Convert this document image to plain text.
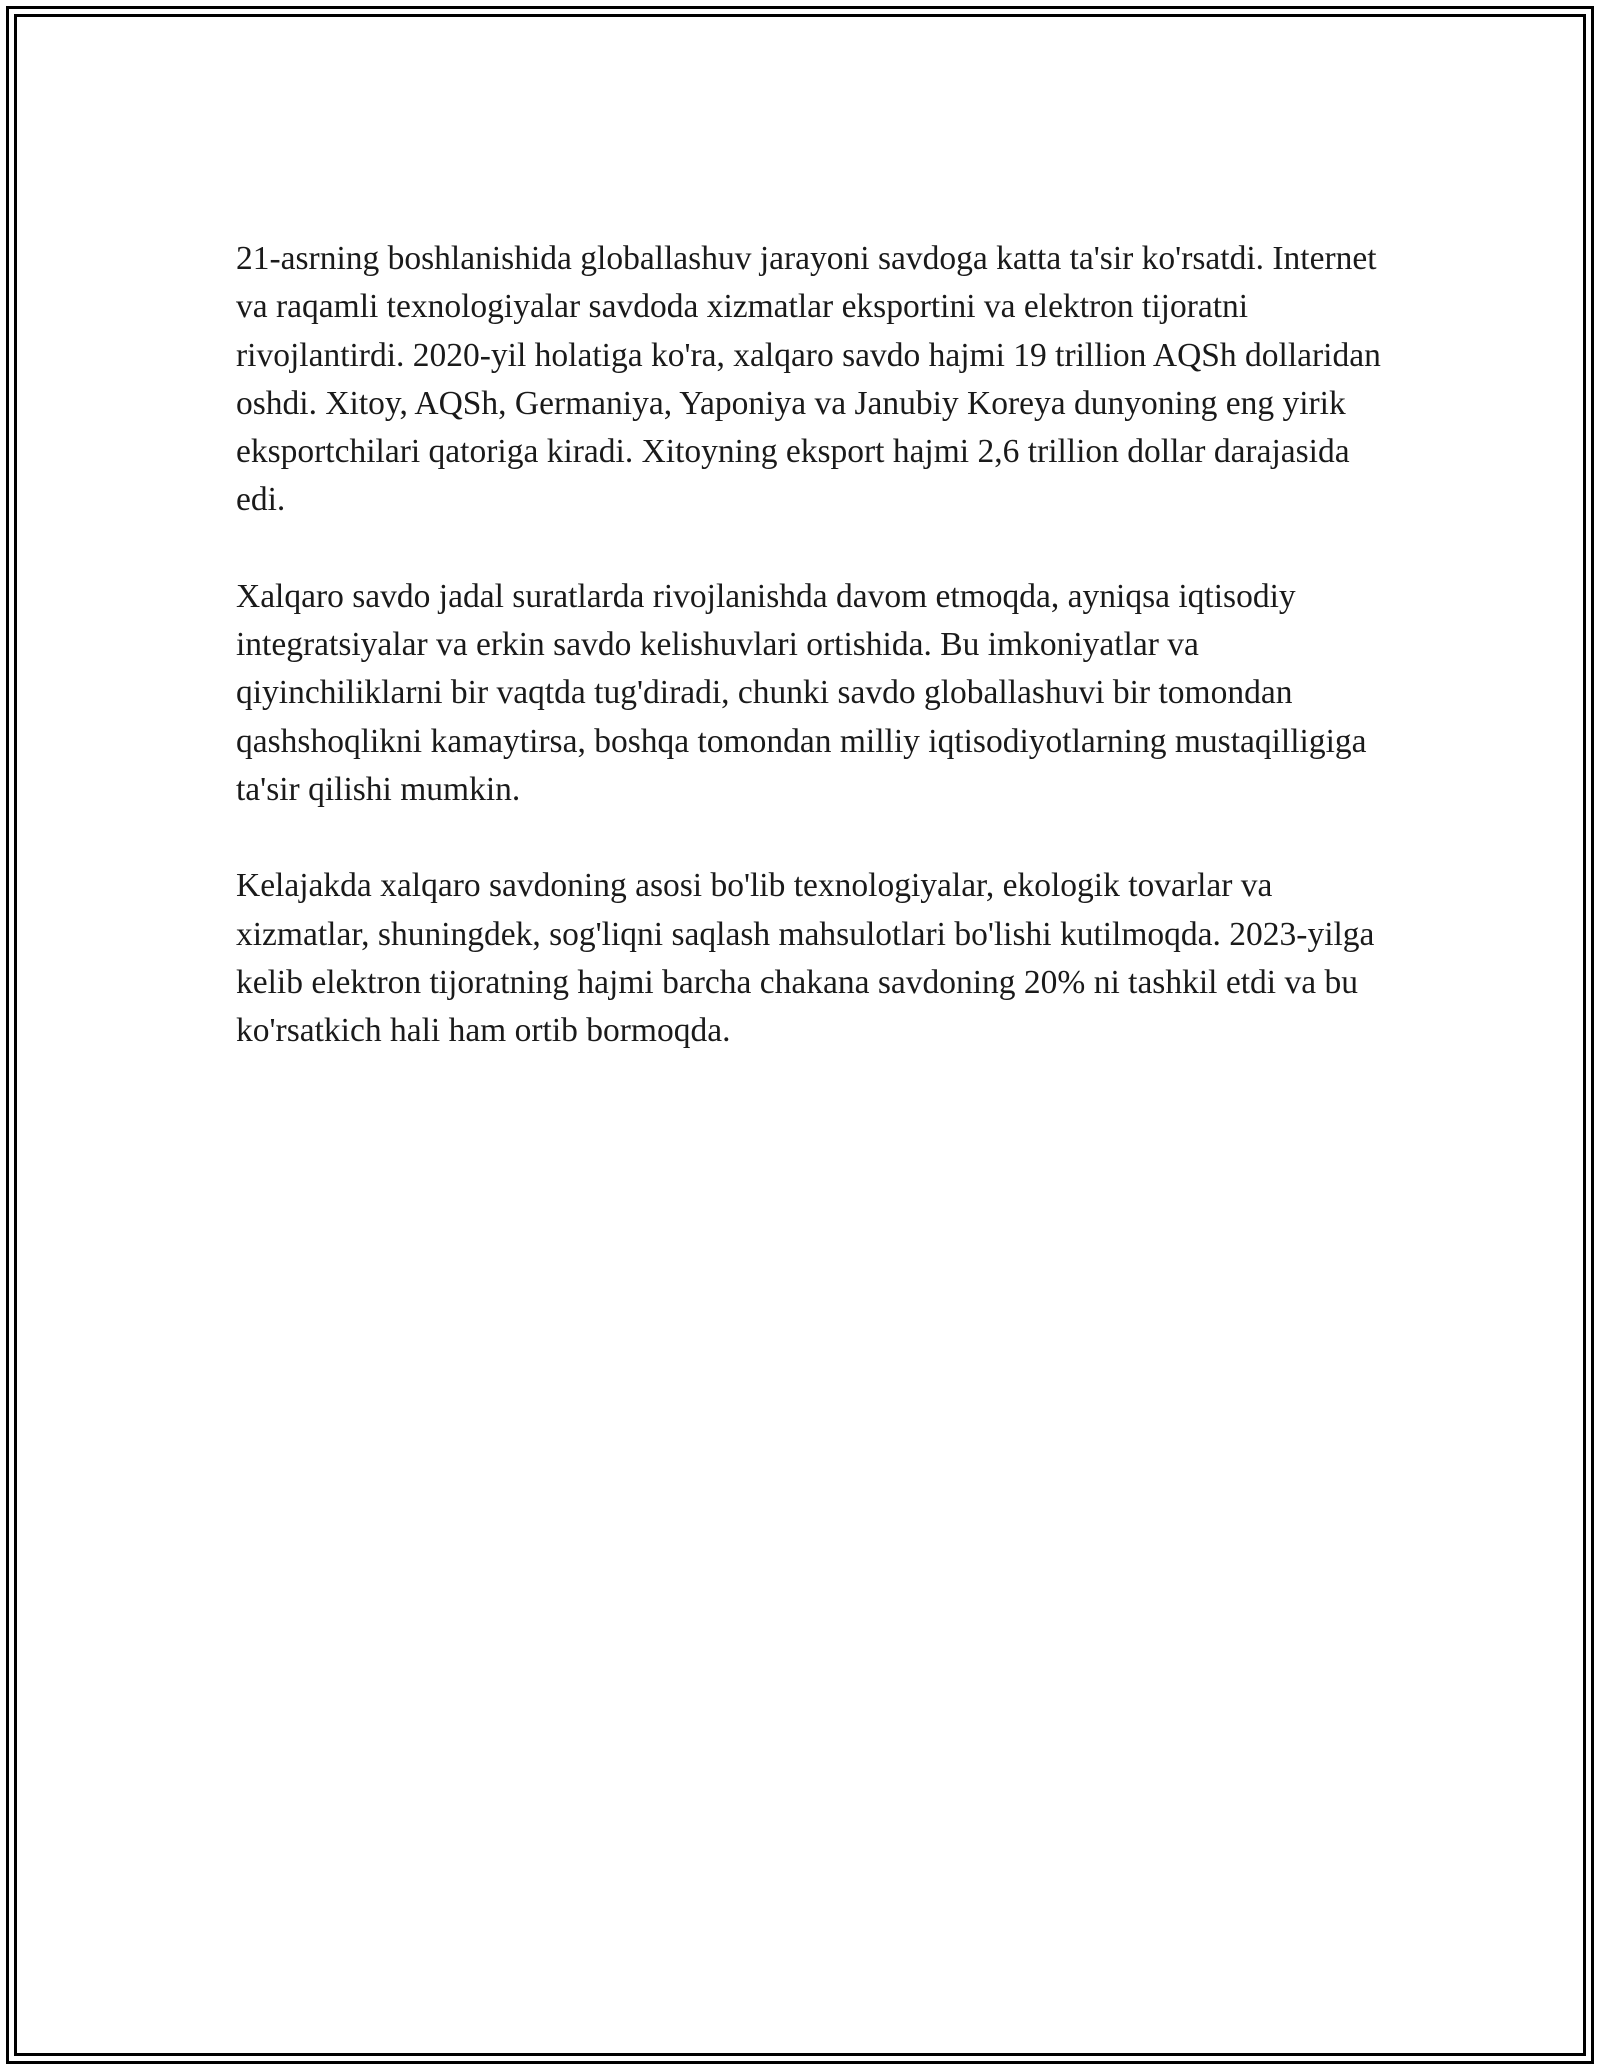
21-asrning boshlanishida globallashuv jarayoni savdoga katta ta'sir ko'rsatdi. Internet va raqamli texnologiyalar savdoda xizmatlar eksportini va elektron tijoratni rivojlantirdi. 2020-yil holatiga ko'ra, xalqaro savdo hajmi 19 trillion AQSh dollaridan oshdi. Xitoy, AQSh, Germaniya, Yaponiya va Janubiy Koreya dunyoning eng yirik eksportchilari qatoriga kiradi. Xitoyning eksport hajmi 2,6 trillion dollar darajasida edi.

Xalqaro savdo jadal suratlarda rivojlanishda davom etmoqda, ayniqsa iqtisodiy integratsiyalar va erkin savdo kelishuvlari ortishida. Bu imkoniyatlar va qiyinchiliklarni bir vaqtda tug'diradi, chunki savdo globallashuvi bir tomondan qashshoqlikni kamaytirsa, boshqa tomondan milliy iqtisodiyotlarning mustaqilligiga ta'sir qilishi mumkin.

Kelajakda xalqaro savdoning asosi bo'lib texnologiyalar, ekologik tovarlar va xizmatlar, shuningdek, sog'liqni saqlash mahsulotlari bo'lishi kutilmoqda. 2023-yilga kelib elektron tijoratning hajmi barcha chakana savdoning 20% ni tashkil etdi va bu ko'rsatkich hali ham ortib bormoqda.
